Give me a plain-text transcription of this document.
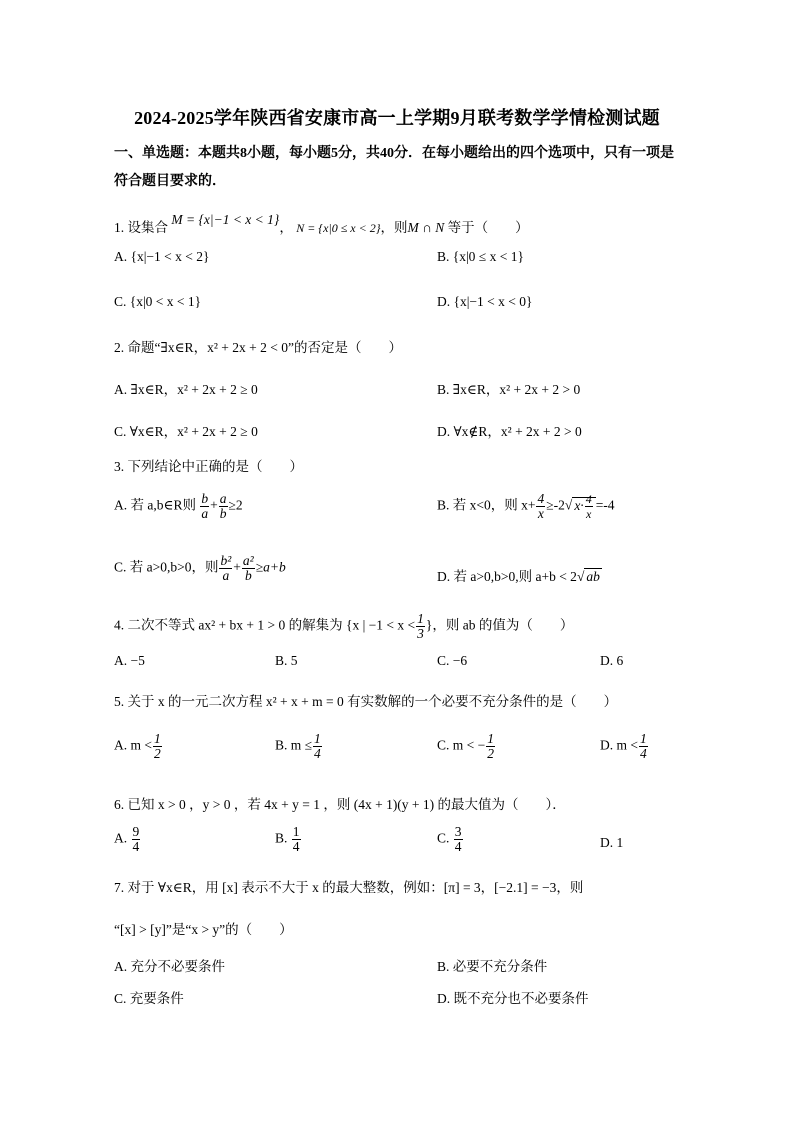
2024-2025学年陕西省安康市高一上学期9月联考数学学情检测试题
一、单选题：本题共8小题，每小题5分，共40分．在每小题给出的四个选项中，只有一项是符合题目要求的．
1. 设集合 M = {x|−1 < x < 1}， N = {x|0 ≤ x < 2}，则M ∩ N 等于（　　）
A. {x|−1 < x < 2}	B. {x|0 ≤ x < 1}
C. {x|0 < x < 1}	D. {x|−1 < x < 0}
2. 命题“∃x∈R，x² + 2x + 2 < 0”的否定是（　　）
A. ∃x∈R，x² + 2x + 2 ≥ 0	B. ∃x∈R，x² + 2x + 2 > 0
C. ∀x∈R，x² + 2x + 2 ≥ 0	D. ∀x∉R，x² + 2x + 2 > 0
3. 下列结论中正确的是（　　）
A. 若 a,b∈R则 $\frac{b}{a} + \frac{a}{b} \ge 2$	B. 若 x<0，则 $x+ \frac{4}{x} \ge-2√$ $x\cdot \frac{4}{x} =-4$
C. 若 a>0,b>0，则 $\frac{\text{b²}}{a} + \frac{\text{a²}}{b} \ge a+b$
D. 若 a>0,b>0,则 a+b < 2√ ab
4. 二次不等式 ax² + bx + 1 > 0 的解集为 {x | $-1 < x < \frac{1}{3}$ }，则 ab 的值为（　　）
A. −5	B. 5	C. −6	D. 6
5. 关于 x 的一元二次方程 x² + x + m = 0 有实数解的一个必要不充分条件的是（　　）
A. $m < \frac{1}{2}$	B. $m \le \frac{1}{4}$	C. m < − $\frac{1}{2}$	D. $m < \frac{1}{4}$
6. 已知 x > 0 ，y > 0 ，若 4x + y = 1 ，则 (4x + 1)(y + 1) 的最大值为（　　）．
A. $\frac{9}{4}$	B. $\frac{1}{4}$	C. $\frac{3}{4}$	D. 1
7. 对于 ∀x∈R，用 [x] 表示不大于 x 的最大整数，例如：[π] = 3，[−2.1] = −3，则
“[x] > [y]”是“x > y”的（　　）
A. 充分不必要条件	B. 必要不充分条件
C. 充要条件	D. 既不充分也不必要条件
